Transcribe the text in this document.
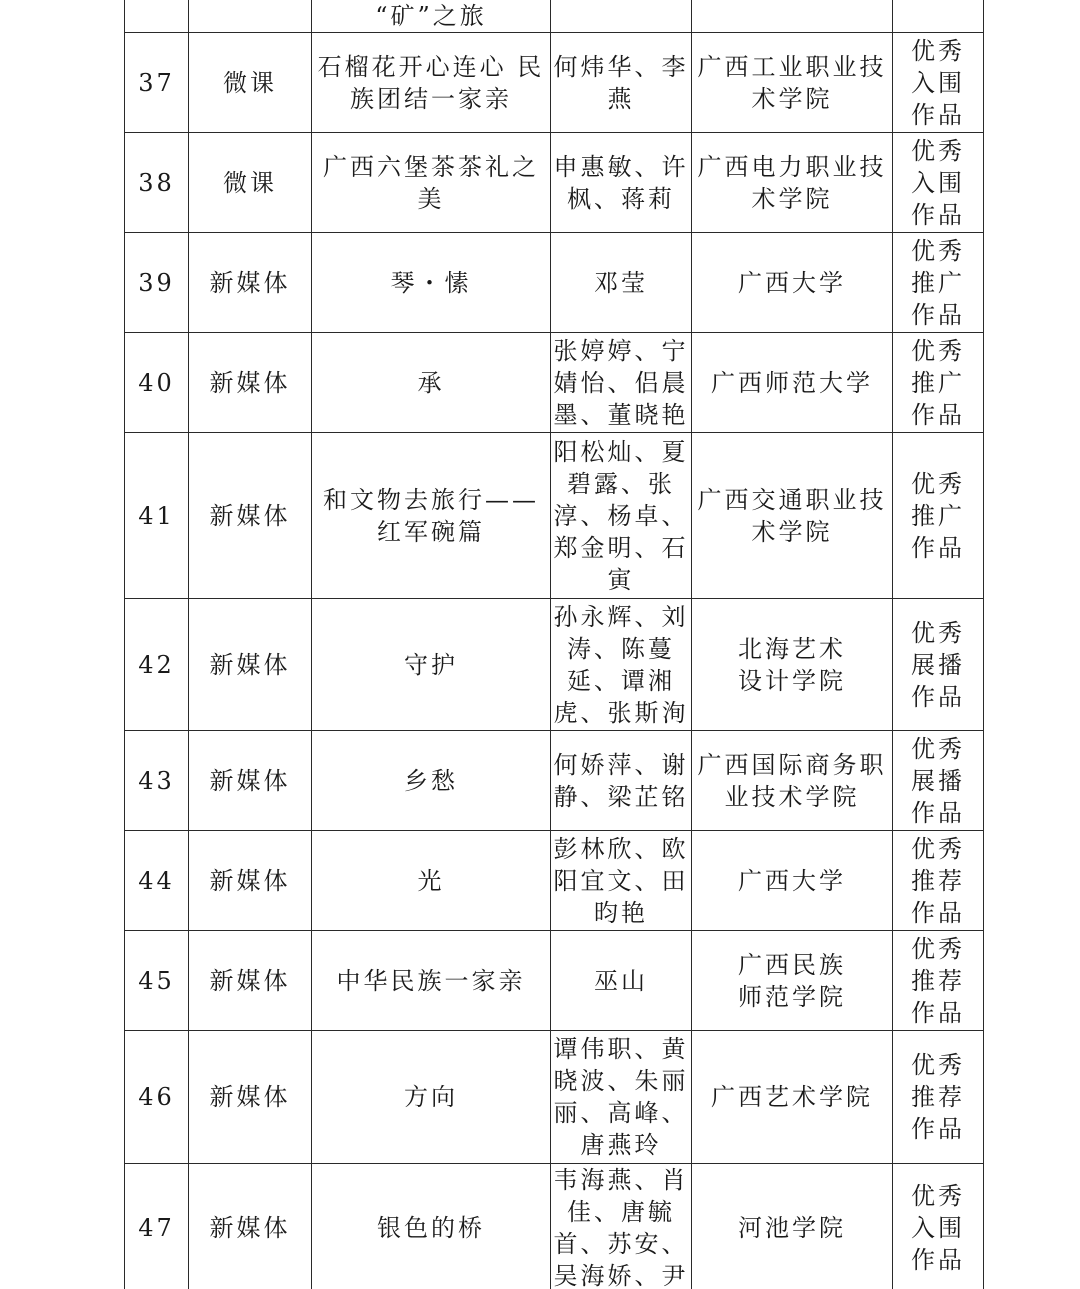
		“矿”之旅			
37	微课	石榴花开心连心 民
族团结一家亲	何炜华、李
燕	广西工业职业技
术学院	优秀
入围
作品
38	微课	广西六堡茶茶礼之
美	申惠敏、许
枫、蒋莉	广西电力职业技
术学院	优秀
入围
作品
39	新媒体	琴・愫	邓莹	广西大学	优秀
推广
作品
40	新媒体	承	张婷婷、宁
婧怡、侣晨
墨、董晓艳	广西师范大学	优秀
推广
作品
41	新媒体	和文物去旅行——
红军碗篇	阳松灿、夏
碧露、张
淳、杨卓、
郑金明、石
寅	广西交通职业技
术学院	优秀
推广
作品
42	新媒体	守护	孙永辉、刘
涛、陈蔓
延、谭湘
虎、张斯洵	北海艺术
设计学院	优秀
展播
作品
43	新媒体	乡愁	何娇萍、谢
静、梁芷铭	广西国际商务职
业技术学院	优秀
展播
作品
44	新媒体	光	彭林欣、欧
阳宜文、田
昀艳	广西大学	优秀
推荐
作品
45	新媒体	中华民族一家亲	巫山	广西民族
师范学院	优秀
推荐
作品
46	新媒体	方向	谭伟职、黄
晓波、朱丽
丽、高峰、
唐燕玲	广西艺术学院	优秀
推荐
作品
47	新媒体	银色的桥	韦海燕、肖
佳、唐毓
首、苏安、
吴海娇、尹	河池学院	优秀
入围
作品
